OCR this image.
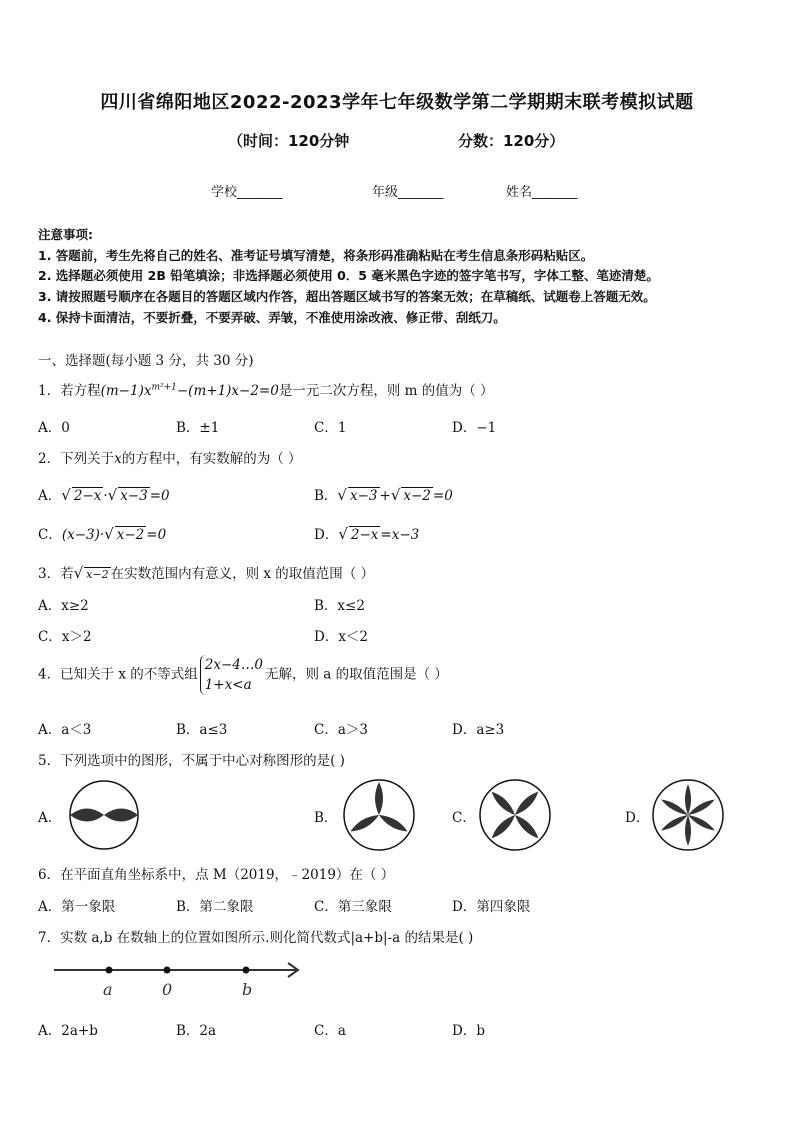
四川省绵阳地区2022-2023学年七年级数学第二学期期末联考模拟试题
（时间：120分钟	分数：120分）
学校_______	年级_______	姓名_______
注意事项:
1. 答题前，考生先将自己的姓名、准考证号填写清楚，将条形码准确粘贴在考生信息条形码粘贴区。
2. 选择题必须使用 2B 铅笔填涂；非选择题必须使用 0．5 毫米黑色字迹的签字笔书写，字体工整、笔迹清楚。
3. 请按照题号顺序在各题目的答题区域内作答，超出答题区域书写的答案无效；在草稿纸、试题卷上答题无效。
4. 保持卡面清洁，不要折叠，不要弄破、弄皱，不准使用涂改液、修正带、刮纸刀。
一、选择题(每小题 3 分，共 30 分)
1．若方程$(m-1)x^{m^2+1}-(m+1)x-2=0$是一元二次方程，则 m 的值为（ ）
A．0	B．±1	C．1	D．−1
2．下列关于x的方程中，有实数解的为（ ）
A．√ 2−x ·√ x−3 =0	B．√ x−3 +√ x−2 =0
C．(x−3)·√ x−2 =0	D．√ 2−x =x−3
3．若√ x−2 在实数范围内有意义，则 x 的取值范围（ ）
A．x≥2	B．x≤2
C．x＞2	D．x＜2
4．已知关于 x 的不等式组2x−4…0
1+x<a无解，则 a 的取值范围是（ ）
A．a＜3	B．a≤3	C．a＞3	D．a≥3
5．下列选项中的图形，不属于中心对称图形的是( )
A．	B．	C．	D．
6．在平面直角坐标系中，点 M（2019，﹣2019）在（ ）
A．第一象限	B．第二象限	C．第三象限	D．第四象限
7．实数 a,b 在数轴上的位置如图所示.则化简代数式|a+b|-a 的结果是( )
a	0	b
A．2a+b	B．2a	C．a	D．b
